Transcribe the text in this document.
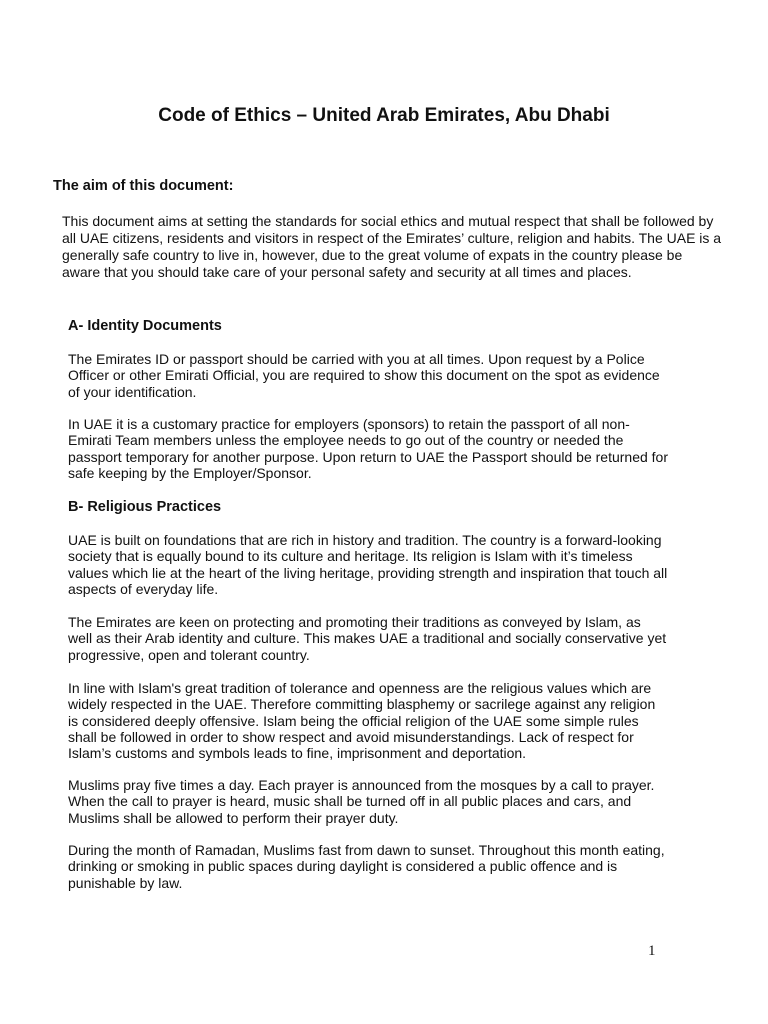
Code of Ethics – United Arab Emirates, Abu Dhabi
The aim of this document:

This document aims at setting the standards for social ethics and mutual respect that shall be followed by all UAE citizens, residents and visitors in respect of the Emirates’ culture, religion and habits. The UAE is a generally safe country to live in, however, due to the great volume of expats in the country please be aware that you should take care of your personal safety and security at all times and places.

A- Identity Documents

The Emirates ID or passport should be carried with you at all times. Upon request by a Police Officer or other Emirati Official, you are required to show this document on the spot as evidence of your identification.

In UAE it is a customary practice for employers (sponsors) to retain the passport of all non-Emirati Team members unless the employee needs to go out of the country or needed the passport temporary for another purpose. Upon return to UAE the Passport should be returned for safe keeping by the Employer/Sponsor.

B- Religious Practices

UAE is built on foundations that are rich in history and tradition. The country is a forward-looking society that is equally bound to its culture and heritage. Its religion is Islam with it’s timeless values which lie at the heart of the living heritage, providing strength and inspiration that touch all aspects of everyday life.

The Emirates are keen on protecting and promoting their traditions as conveyed by Islam, as well as their Arab identity and culture. This makes UAE a traditional and socially conservative yet progressive, open and tolerant country.

In line with Islam's great tradition of tolerance and openness are the religious values which are widely respected in the UAE. Therefore committing blasphemy or sacrilege against any religion is considered deeply offensive. Islam being the official religion of the UAE some simple rules shall be followed in order to show respect and avoid misunderstandings. Lack of respect for Islam’s customs and symbols leads to fine, imprisonment and deportation.

Muslims pray five times a day. Each prayer is announced from the mosques by a call to prayer. When the call to prayer is heard, music shall be turned off in all public places and cars, and Muslims shall be allowed to perform their prayer duty.

During the month of Ramadan, Muslims fast from dawn to sunset. Throughout this month eating, drinking or smoking in public spaces during daylight is considered a public offence and is punishable by law.

1
